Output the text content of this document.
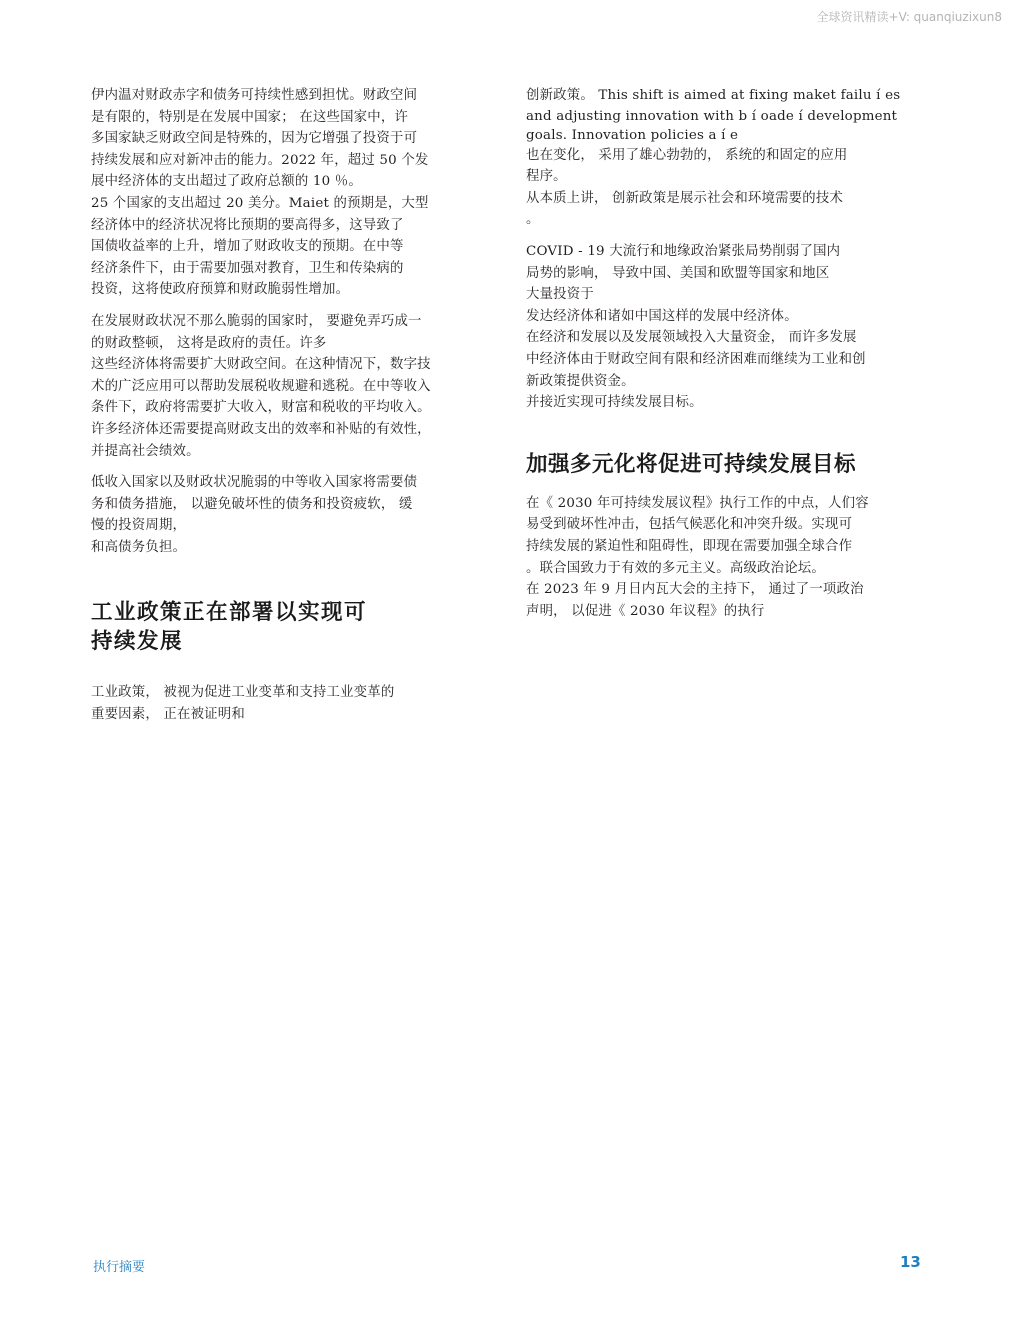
全球资讯精读+V: quanqiuzixun8
伊内温对财政赤字和债务可持续性感到担忧。财政空间
是有限的，特别是在发展中国家； 在这些国家中，许
多国家缺乏财政空间是特殊的，因为它增强了投资于可
持续发展和应对新冲击的能力。2022 年，超过 50 个发
展中经济体的支出超过了政府总额的 10 ％。
25 个国家的支出超过 20 美分。Maiet 的预期是，大型
经济体中的经济状况将比预期的要高得多，这导致了
国债收益率的上升，增加了财政收支的预期。在中等
经济条件下，由于需要加强对教育，卫生和传染病的
投资，这将使政府预算和财政脆弱性增加。
在发展财政状况不那么脆弱的国家时， 要避免弄巧成一
的财政整顿， 这将是政府的责任。许多
这些经济体将需要扩大财政空间。在这种情况下，数字技
术的广泛应用可以帮助发展税收规避和逃税。在中等收入
条件下，政府将需要扩大收入，财富和税收的平均收入。
许多经济体还需要提高财政支出的效率和补贴的有效性，
并提高社会绩效。
低收入国家以及财政状况脆弱的中等收入国家将需要债
务和债务措施， 以避免破坏性的债务和投资疲软， 缓
慢的投资周期，
和高债务负担。
工业政策正在部署以实现可
持续发展
工业政策， 被视为促进工业变革和支持工业变革的
重要因素， 正在被证明和
创新政策。 This shift is aimed at fixing maket failu í es
and adjusting innovation with b í oade í development
goals. Innovation policies a í e
也在变化， 采用了雄心勃勃的， 系统的和固定的应用
程序。
从本质上讲， 创新政策是展示社会和环境需要的技术
。
COVID - 19 大流行和地缘政治紧张局势削弱了国内
局势的影响， 导致中国、美国和欧盟等国家和地区
大量投资于
发达经济体和诸如中国这样的发展中经济体。
在经济和发展以及发展领域投入大量资金， 而许多发展
中经济体由于财政空间有限和经济困难而继续为工业和创
新政策提供资金。
并接近实现可持续发展目标。
加强多元化将促进可持续发展目标
在《 2030 年可持续发展议程》执行工作的中点，人们容
易受到破坏性冲击，包括气候恶化和冲突升级。实现可
持续发展的紧迫性和阻碍性，即现在需要加强全球合作
。联合国致力于有效的多元主义。高级政治论坛。
在 2023 年 9 月日内瓦大会的主持下， 通过了一项政治
声明， 以促进《 2030 年议程》的执行
执行摘要	13
